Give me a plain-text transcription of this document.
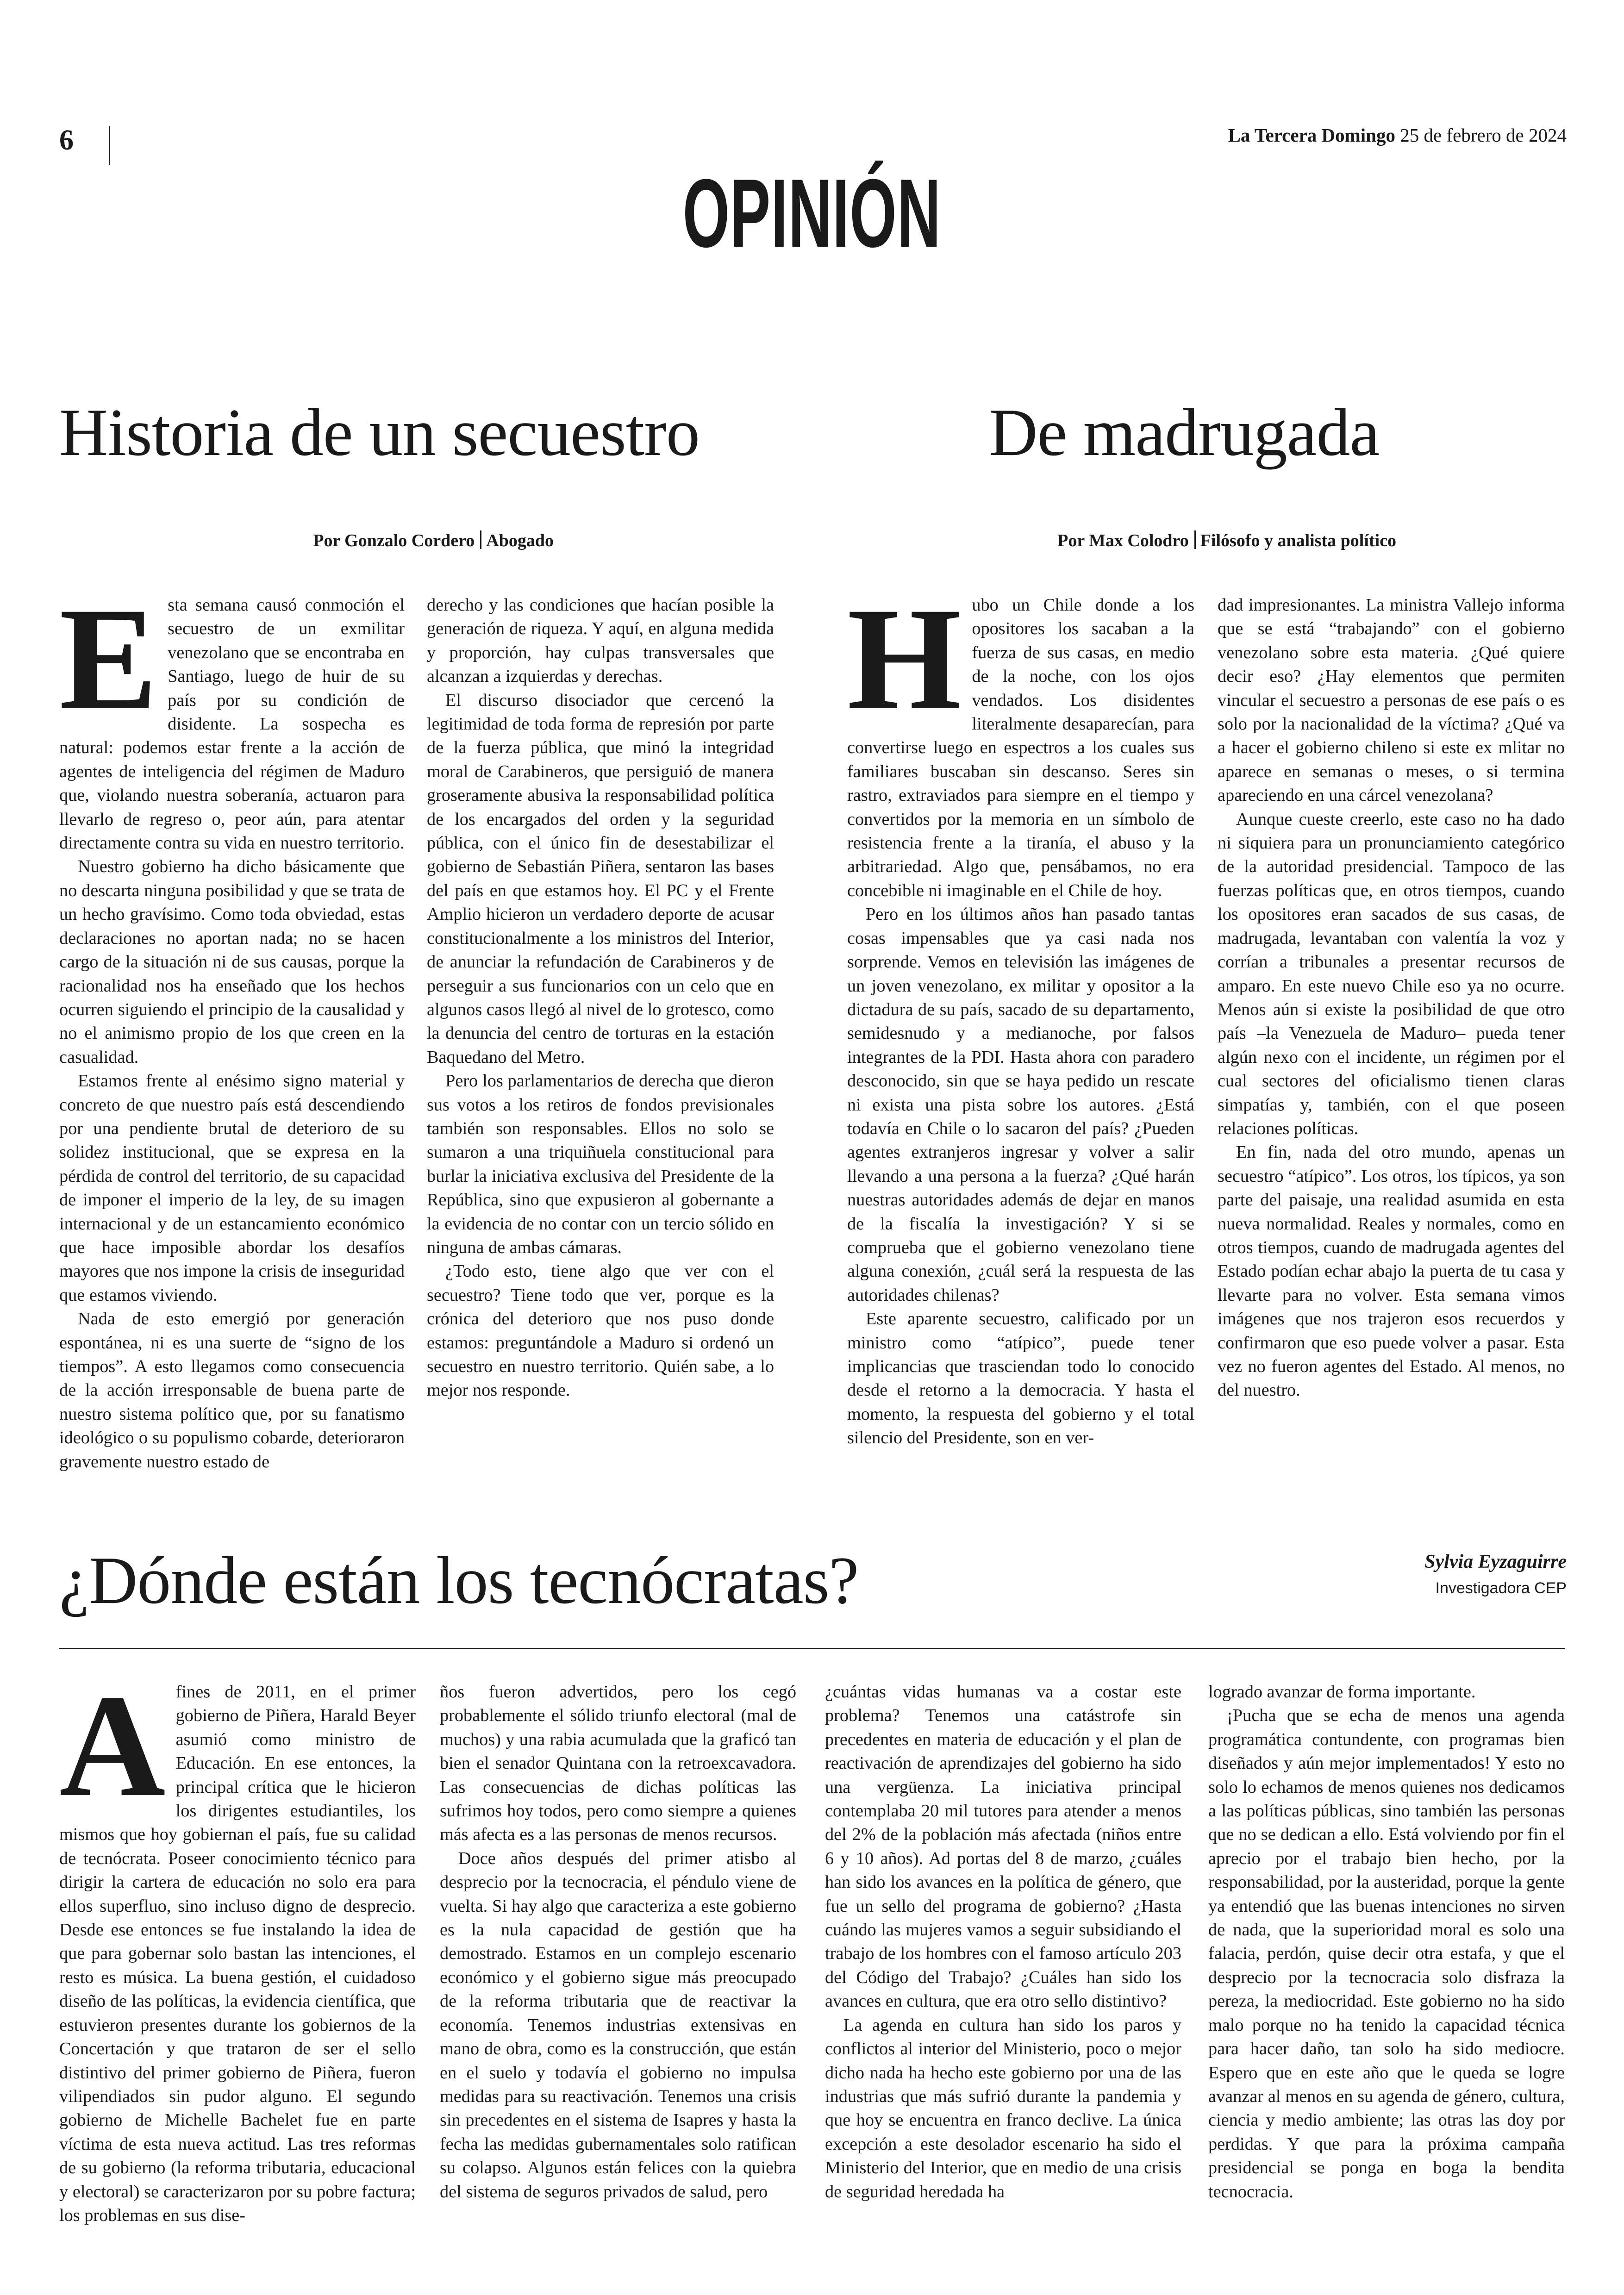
6	La Tercera Domingo 25 de febrero de 2024
OPINIÓN
Historia de un secuestro
Por Gonzalo Cordero Abogado
E sta semana causó conmoción el secuestro de un exmilitar venezolano que se encontraba en Santiago, luego de huir de su país por su condición de disidente. La sospecha es natural: podemos estar frente a la acción de agentes de inteligencia del régimen de Maduro que, violando nuestra soberanía, actuaron para llevarlo de regreso o, peor aún, para atentar directamente contra su vida en nuestro territorio.

Nuestro gobierno ha dicho básicamente que no descarta ninguna posibilidad y que se trata de un hecho gravísimo. Como toda obviedad, estas declaraciones no aportan nada; no se hacen cargo de la situación ni de sus causas, porque la racionalidad nos ha enseñado que los hechos ocurren siguiendo el principio de la causalidad y no el animismo propio de los que creen en la casualidad.

Estamos frente al enésimo signo material y concreto de que nuestro país está descendiendo por una pendiente brutal de deterioro de su solidez institucional, que se expresa en la pérdida de control del territorio, de su capacidad de imponer el imperio de la ley, de su imagen internacional y de un estancamiento económico que hace imposible abordar los desafíos mayores que nos impone la crisis de inseguridad que estamos viviendo.

Nada de esto emergió por generación espontánea, ni es una suerte de “signo de los tiempos”. A esto llegamos como consecuencia de la acción irresponsable de buena parte de nuestro sistema político que, por su fanatismo ideológico o su populismo cobarde, deterioraron gravemente nuestro estado de

derecho y las condiciones que hacían posible la generación de riqueza. Y aquí, en alguna medida y proporción, hay culpas transversales que alcanzan a izquierdas y derechas.

El discurso disociador que cercenó la legitimidad de toda forma de represión por parte de la fuerza pública, que minó la integridad moral de Carabineros, que persiguió de manera groseramente abusiva la responsabilidad política de los encargados del orden y la seguridad pública, con el único fin de desestabilizar el gobierno de Sebastián Piñera, sentaron las bases del país en que estamos hoy. El PC y el Frente Amplio hicieron un verdadero deporte de acusar constitucionalmente a los ministros del Interior, de anunciar la refundación de Carabineros y de perseguir a sus funcionarios con un celo que en algunos casos llegó al nivel de lo grotesco, como la denuncia del centro de torturas en la estación Baquedano del Metro.

Pero los parlamentarios de derecha que dieron sus votos a los retiros de fondos previsionales también son responsables. Ellos no solo se sumaron a una triquiñuela constitucional para burlar la iniciativa exclusiva del Presidente de la República, sino que expusieron al gobernante a la evidencia de no contar con un tercio sólido en ninguna de ambas cámaras.

¿Todo esto, tiene algo que ver con el secuestro? Tiene todo que ver, porque es la crónica del deterioro que nos puso donde estamos: preguntándole a Maduro si ordenó un secuestro en nuestro territorio. Quién sabe, a lo mejor nos responde.

De madrugada
Por Max Colodro Filósofo y analista político
H ubo un Chile donde a los opositores los sacaban a la fuerza de sus casas, en medio de la noche, con los ojos vendados. Los disidentes literalmente desaparecían, para convertirse luego en espectros a los cuales sus familiares buscaban sin descanso. Seres sin rastro, extraviados para siempre en el tiempo y convertidos por la memoria en un símbolo de resistencia frente a la tiranía, el abuso y la arbitrariedad. Algo que, pensábamos, no era concebible ni imaginable en el Chile de hoy.

Pero en los últimos años han pasado tantas cosas impensables que ya casi nada nos sorprende. Vemos en televisión las imágenes de un joven venezolano, ex militar y opositor a la dictadura de su país, sacado de su departamento, semidesnudo y a medianoche, por falsos integrantes de la PDI. Hasta ahora con paradero desconocido, sin que se haya pedido un rescate ni exista una pista sobre los autores. ¿Está todavía en Chile o lo sacaron del país? ¿Pueden agentes extranjeros ingresar y volver a salir llevando a una persona a la fuerza? ¿Qué harán nuestras autoridades además de dejar en manos de la fiscalía la investigación? Y si se comprueba que el gobierno venezolano tiene alguna conexión, ¿cuál será la respuesta de las autoridades chilenas?

Este aparente secuestro, calificado por un ministro como “atípico”, puede tener implicancias que trasciendan todo lo conocido desde el retorno a la democracia. Y hasta el momento, la respuesta del gobierno y el total silencio del Presidente, son en ver-

dad impresionantes. La ministra Vallejo informa que se está “trabajando” con el gobierno venezolano sobre esta materia. ¿Qué quiere decir eso? ¿Hay elementos que permiten vincular el secuestro a personas de ese país o es solo por la nacionalidad de la víctima? ¿Qué va a hacer el gobierno chileno si este ex mlitar no aparece en semanas o meses, o si termina apareciendo en una cárcel venezolana?

Aunque cueste creerlo, este caso no ha dado ni siquiera para un pronunciamiento categórico de la autoridad presidencial. Tampoco de las fuerzas políticas que, en otros tiempos, cuando los opositores eran sacados de sus casas, de madrugada, levantaban con valentía la voz y corrían a tribunales a presentar recursos de amparo. En este nuevo Chile eso ya no ocurre. Menos aún si existe la posibilidad de que otro país –la Venezuela de Maduro– pueda tener algún nexo con el incidente, un régimen por el cual sectores del oficialismo tienen claras simpatías y, también, con el que poseen relaciones políticas.

En fin, nada del otro mundo, apenas un secuestro “atípico”. Los otros, los típicos, ya son parte del paisaje, una realidad asumida en esta nueva normalidad. Reales y normales, como en otros tiempos, cuando de madrugada agentes del Estado podían echar abajo la puerta de tu casa y llevarte para no volver. Esta semana vimos imágenes que nos trajeron esos recuerdos y confirmaron que eso puede volver a pasar. Esta vez no fueron agentes del Estado. Al menos, no del nuestro.

¿Dónde están los tecnócratas?	Sylvia Eyzaguirre
Investigadora CEP
A fines de 2011, en el primer gobierno de Piñera, Harald Beyer asumió como ministro de Educación. En ese entonces, la principal crítica que le hicieron los dirigentes estudiantiles, los mismos que hoy gobiernan el país, fue su calidad de tecnócrata. Poseer conocimiento técnico para dirigir la cartera de educación no solo era para ellos superfluo, sino incluso digno de desprecio. Desde ese entonces se fue instalando la idea de que para gobernar solo bastan las intenciones, el resto es música. La buena gestión, el cuidadoso diseño de las políticas, la evidencia científica, que estuvieron presentes durante los gobiernos de la Concertación y que trataron de ser el sello distintivo del primer gobierno de Piñera, fueron vilipendiados sin pudor alguno. El segundo gobierno de Michelle Bachelet fue en parte víctima de esta nueva actitud. Las tres reformas de su gobierno (la reforma tributaria, educacional y electoral) se caracterizaron por su pobre factura; los problemas en sus dise-

ños fueron advertidos, pero los cegó probablemente el sólido triunfo electoral (mal de muchos) y una rabia acumulada que la graficó tan bien el senador Quintana con la retroexcavadora. Las consecuencias de dichas políticas las sufrimos hoy todos, pero como siempre a quienes más afecta es a las personas de menos recursos.

Doce años después del primer atisbo al desprecio por la tecnocracia, el péndulo viene de vuelta. Si hay algo que caracteriza a este gobierno es la nula capacidad de gestión que ha demostrado. Estamos en un complejo escenario económico y el gobierno sigue más preocupado de la reforma tributaria que de reactivar la economía. Tenemos industrias extensivas en mano de obra, como es la construcción, que están en el suelo y todavía el gobierno no impulsa medidas para su reactivación. Tenemos una crisis sin precedentes en el sistema de Isapres y hasta la fecha las medidas gubernamentales solo ratifican su colapso. Algunos están felices con la quiebra del sistema de seguros privados de salud, pero

¿cuántas vidas humanas va a costar este problema? Tenemos una catástrofe sin precedentes en materia de educación y el plan de reactivación de aprendizajes del gobierno ha sido una vergüenza. La iniciativa principal contemplaba 20 mil tutores para atender a menos del 2% de la población más afectada (niños entre 6 y 10 años). Ad portas del 8 de marzo, ¿cuáles han sido los avances en la política de género, que fue un sello del programa de gobierno? ¿Hasta cuándo las mujeres vamos a seguir subsidiando el trabajo de los hombres con el famoso artículo 203 del Código del Trabajo? ¿Cuáles han sido los avances en cultura, que era otro sello distintivo?

La agenda en cultura han sido los paros y conflictos al interior del Ministerio, poco o mejor dicho nada ha hecho este gobierno por una de las industrias que más sufrió durante la pandemia y que hoy se encuentra en franco declive. La única excepción a este desolador escenario ha sido el Ministerio del Interior, que en medio de una crisis de seguridad heredada ha

logrado avanzar de forma importante.

¡Pucha que se echa de menos una agenda programática contundente, con programas bien diseñados y aún mejor implementados! Y esto no solo lo echamos de menos quienes nos dedicamos a las políticas públicas, sino también las personas que no se dedican a ello. Está volviendo por fin el aprecio por el trabajo bien hecho, por la responsabilidad, por la austeridad, porque la gente ya entendió que las buenas intenciones no sirven de nada, que la superioridad moral es solo una falacia, perdón, quise decir otra estafa, y que el desprecio por la tecnocracia solo disfraza la pereza, la mediocridad. Este gobierno no ha sido malo porque no ha tenido la capacidad técnica para hacer daño, tan solo ha sido mediocre. Espero que en este año que le queda se logre avanzar al menos en su agenda de género, cultura, ciencia y medio ambiente; las otras las doy por perdidas. Y que para la próxima campaña presidencial se ponga en boga la bendita tecnocracia.
